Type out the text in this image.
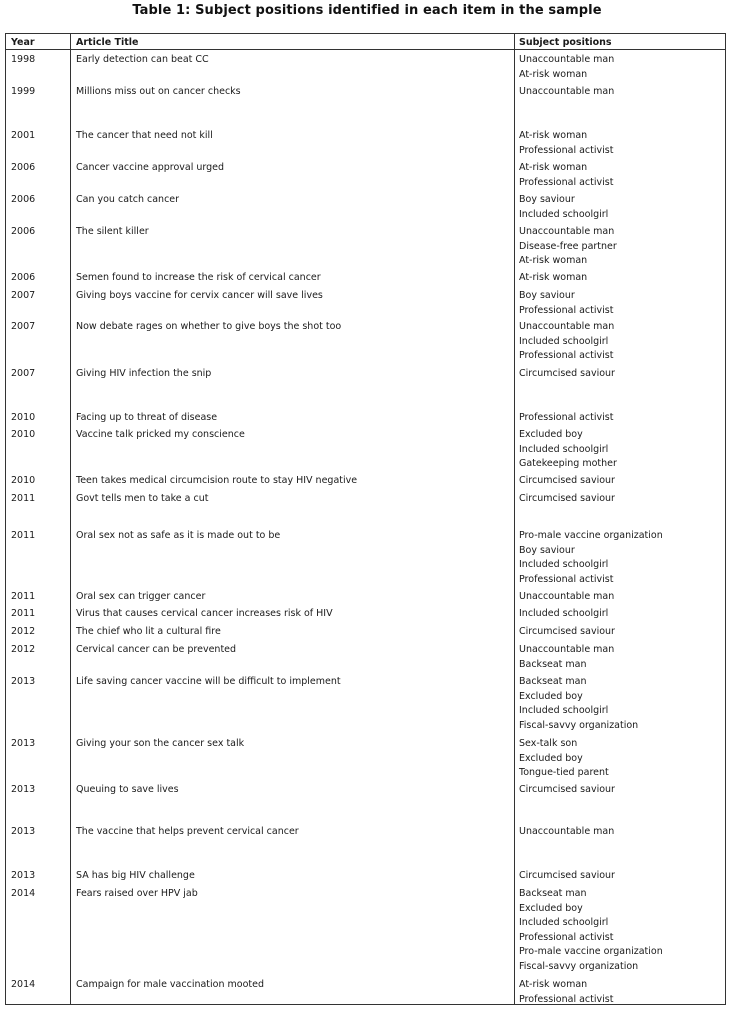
Table 1: Subject positions identified in each item in the sample
Year	Article Title	Subject positions
1998	Early detection can beat CC	Unaccountable man
At-risk woman
1999	Millions miss out on cancer checks	Unaccountable man
2001	The cancer that need not kill	At-risk woman
Professional activist
2006	Cancer vaccine approval urged	At-risk woman
Professional activist
2006	Can you catch cancer	Boy saviour
Included schoolgirl
2006	The silent killer	Unaccountable man
Disease-free partner
At-risk woman
2006	Semen found to increase the risk of cervical cancer	At-risk woman
2007	Giving boys vaccine for cervix cancer will save lives	Boy saviour
Professional activist
2007	Now debate rages on whether to give boys the shot too	Unaccountable man
Included schoolgirl
Professional activist
2007	Giving HIV infection the snip	Circumcised saviour
2010	Facing up to threat of disease	Professional activist
2010	Vaccine talk pricked my conscience	Excluded boy
Included schoolgirl
Gatekeeping mother
2010	Teen takes medical circumcision route to stay HIV negative	Circumcised saviour
2011	Govt tells men to take a cut	Circumcised saviour
2011	Oral sex not as safe as it is made out to be	Pro-male vaccine organization
Boy saviour
Included schoolgirl
Professional activist
2011	Oral sex can trigger cancer	Unaccountable man
2011	Virus that causes cervical cancer increases risk of HIV	Included schoolgirl
2012	The chief who lit a cultural fire	Circumcised saviour
2012	Cervical cancer can be prevented	Unaccountable man
Backseat man
2013	Life saving cancer vaccine will be difficult to implement	Backseat man
Excluded boy
Included schoolgirl
Fiscal-savvy organization
2013	Giving your son the cancer sex talk	Sex-talk son
Excluded boy
Tongue-tied parent
2013	Queuing to save lives	Circumcised saviour
2013	The vaccine that helps prevent cervical cancer	Unaccountable man
2013	SA has big HIV challenge	Circumcised saviour
2014	Fears raised over HPV jab	Backseat man
Excluded boy
Included schoolgirl
Professional activist
Pro-male vaccine organization
Fiscal-savvy organization
2014	Campaign for male vaccination mooted	At-risk woman
Professional activist
